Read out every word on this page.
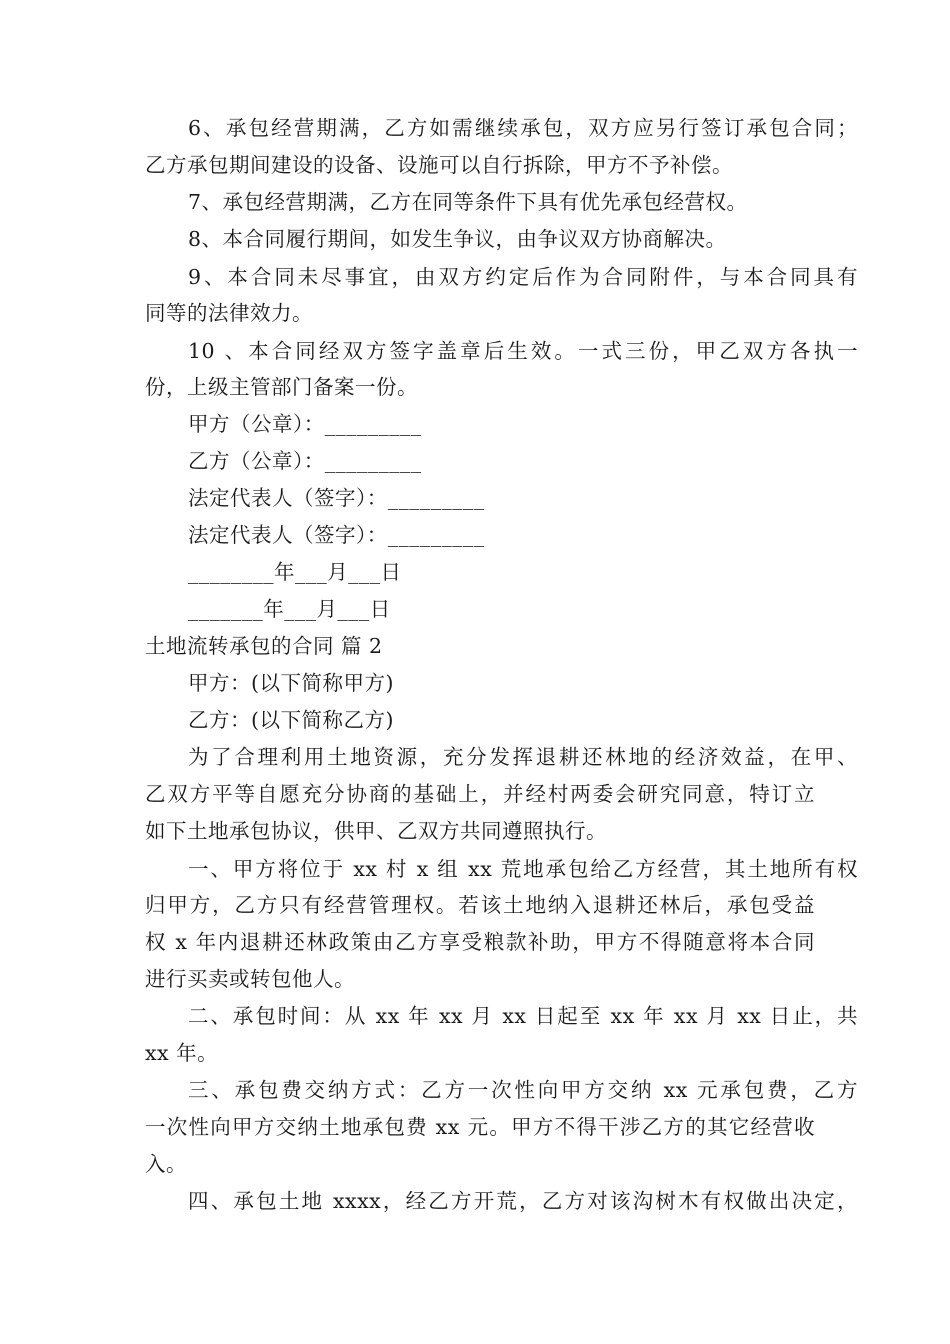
6、承包经营期满，乙方如需继续承包，双方应另行签订承包合同；
乙方承包期间建设的设备、设施可以自行拆除，甲方不予补偿。
7、承包经营期满，乙方在同等条件下具有优先承包经营权。
8、本合同履行期间，如发生争议，由争议双方协商解决。
9、本合同未尽事宜，由双方约定后作为合同附件，与本合同具有
同等的法律效力。
10 、本合同经双方签字盖章后生效。一式三份，甲乙双方各执一
份，上级主管部门备案一份。
甲方（公章）：_________
乙方（公章）：_________
法定代表人（签字）：_________
法定代表人（签字）：_________
________年___月___日
_______年___月___日
土地流转承包的合同 篇 2
甲方：(以下简称甲方)
乙方：(以下简称乙方)
为了合理利用土地资源，充分发挥退耕还林地的经济效益，在甲、
乙双方平等自愿充分协商的基础上，并经村两委会研究同意，特订立
如下土地承包协议，供甲、乙双方共同遵照执行。
一、甲方将位于 xx 村 x 组 xx 荒地承包给乙方经营，其土地所有权
归甲方，乙方只有经营管理权。若该土地纳入退耕还林后，承包受益
权 x 年内退耕还林政策由乙方享受粮款补助，甲方不得随意将本合同
进行买卖或转包他人。
二、承包时间：从 xx 年 xx 月 xx 日起至 xx 年 xx 月 xx 日止，共
xx 年。
三、承包费交纳方式：乙方一次性向甲方交纳 xx 元承包费，乙方
一次性向甲方交纳土地承包费 xx 元。甲方不得干涉乙方的其它经营收
入。
四、承包土地 xxxx，经乙方开荒，乙方对该沟树木有权做出决定，
